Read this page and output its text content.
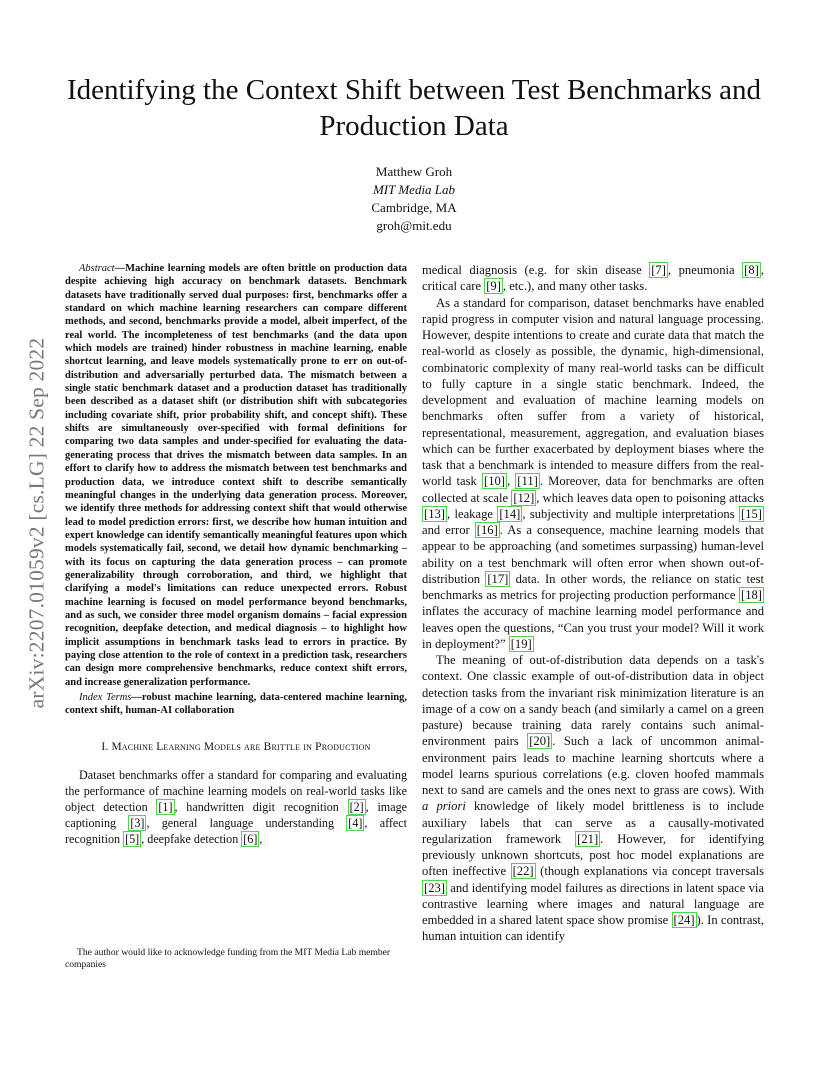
arXiv:2207.01059v2 [cs.LG] 22 Sep 2022
Identifying the Context Shift between Test Benchmarks and Production Data
Matthew Groh
MIT Media Lab
Cambridge, MA
groh@mit.edu

Abstract—Machine learning models are often brittle on production data despite achieving high accuracy on benchmark datasets. Benchmark datasets have traditionally served dual purposes: first, benchmarks offer a standard on which machine learning researchers can compare different methods, and second, benchmarks provide a model, albeit imperfect, of the real world. The incompleteness of test benchmarks (and the data upon which models are trained) hinder robustness in machine learning, enable shortcut learning, and leave models systematically prone to err on out-of-distribution and adversarially perturbed data. The mismatch between a single static benchmark dataset and a production dataset has traditionally been described as a dataset shift (or distribution shift with subcategories including covariate shift, prior probability shift, and concept shift). These shifts are simultaneously over-specified with formal definitions for comparing two data samples and under-specified for evaluating the data-generating process that drives the mismatch between data samples. In an effort to clarify how to address the mismatch between test benchmarks and production data, we introduce context shift to describe semantically meaningful changes in the underlying data generation process. Moreover, we identify three methods for addressing context shift that would otherwise lead to model prediction errors: first, we describe how human intuition and expert knowledge can identify semantically meaningful features upon which models systematically fail, second, we detail how dynamic benchmarking – with its focus on capturing the data generation process – can promote generalizability through corroboration, and third, we highlight that clarifying a model's limitations can reduce unexpected errors. Robust machine learning is focused on model performance beyond benchmarks, and as such, we consider three model organism domains – facial expression recognition, deepfake detection, and medical diagnosis – to highlight how implicit assumptions in benchmark tasks lead to errors in practice. By paying close attention to the role of context in a prediction task, researchers can design more comprehensive benchmarks, reduce context shift errors, and increase generalization performance.

Index Terms—robust machine learning, data-centered machine learning, context shift, human-AI collaboration

I. Machine Learning Models are Brittle in Production

Dataset benchmarks offer a standard for comparing and evaluating the performance of machine learning models on real-world tasks like object detection [1] , handwritten digit recognition [2] , image captioning [3] , general language understanding [4] , affect recognition [5] , deepfake detection [6] ,

The author would like to acknowledge funding from the MIT Media Lab member companies

medical diagnosis (e.g. for skin disease [7] , pneumonia [8] , critical care [9] , etc.), and many other tasks.

As a standard for comparison, dataset benchmarks have enabled rapid progress in computer vision and natural language processing. However, despite intentions to create and curate data that match the real-world as closely as possible, the dynamic, high-dimensional, combinatoric complexity of many real-world tasks can be difficult to fully capture in a single static benchmark. Indeed, the development and evaluation of machine learning models on benchmarks often suffer from a variety of historical, representational, measurement, aggregation, and evaluation biases which can be further exacerbated by deployment biases where the task that a benchmark is intended to measure differs from the real-world task [10] , [11] . Moreover, data for benchmarks are often collected at scale [12] , which leaves data open to poisoning attacks [13] , leakage [14] , subjectivity and multiple interpretations [15] and error [16] . As a consequence, machine learning models that appear to be approaching (and sometimes surpassing) human-level ability on a test benchmark will often error when shown out-of-distribution [17] data. In other words, the reliance on static test benchmarks as metrics for projecting production performance [18] inflates the accuracy of machine learning model performance and leaves open the questions, “Can you trust your model? Will it work in deployment?” [19]

The meaning of out-of-distribution data depends on a task's context. One classic example of out-of-distribution data in object detection tasks from the invariant risk minimization literature is an image of a cow on a sandy beach (and similarly a camel on a green pasture) because training data rarely contains such animal-environment pairs [20] . Such a lack of uncommon animal-environment pairs leads to machine learning shortcuts where a model learns spurious correlations (e.g. cloven hoofed mammals next to sand are camels and the ones next to grass are cows). With a priori knowledge of likely model brittleness is to include auxiliary labels that can serve as a causally-motivated regularization framework [21] . However, for identifying previously unknown shortcuts, post hoc model explanations are often ineffective [22] (though explanations via concept traversals [23] and identifying model failures as directions in latent space via contrastive learning where images and natural language are embedded in a shared latent space show promise [24] ). In contrast, human intuition can identify
